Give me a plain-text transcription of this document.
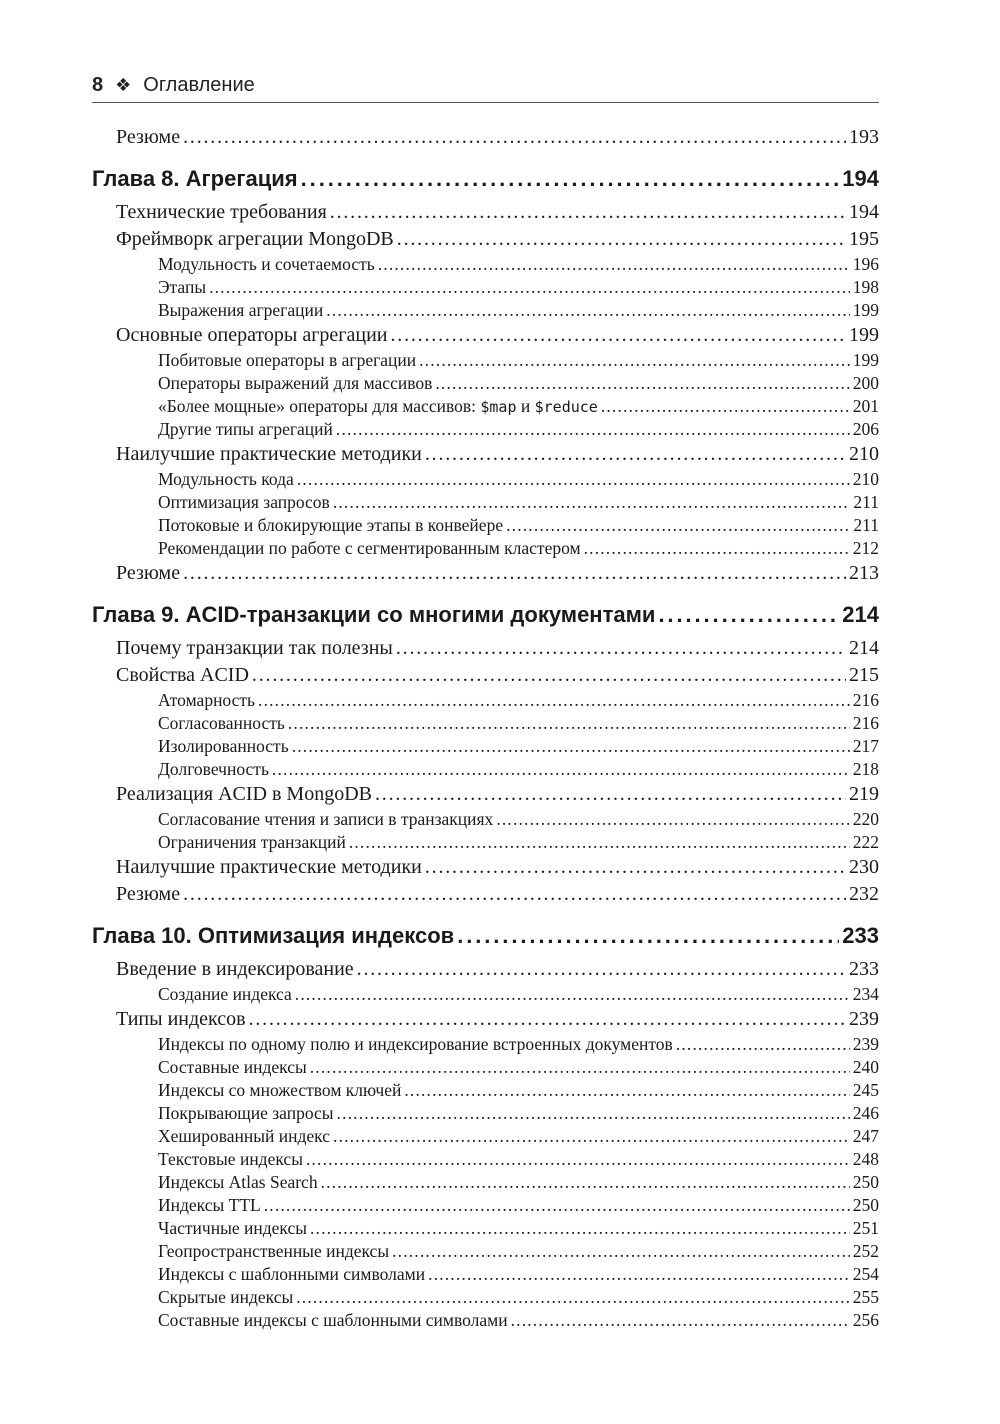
8 ❖ Оглавление
Резюме . . .	193
Глава 8. Агрегация . . .	194
Технические требования . . .	194
Фреймворк агрегации MongoDB . . .	195
Модульность и сочетаемость . . .	196
Этапы . . .	198
Выражения агрегации . . .	199
Основные операторы агрегации . . .	199
Побитовые операторы в агрегации . . .	199
Операторы выражений для массивов . . .	200
«Более мощные» операторы для массивов: $map и $reduce . . .	201
Другие типы агрегаций . . .	206
Наилучшие практические методики . . .	210
Модульность кода . . .	210
Оптимизация запросов . . .	211
Потоковые и блокирующие этапы в конвейере . . .	211
Рекомендации по работе с сегментированным кластером . . .	212
Резюме . . .	213
Глава 9. ACID-транзакции со многими документами . . .	214
Почему транзакции так полезны . . .	214
Свойства ACID . . .	215
Атомарность . . .	216
Согласованность . . .	216
Изолированность . . .	217
Долговечность . . .	218
Реализация ACID в MongoDB . . .	219
Согласование чтения и записи в транзакциях . . .	220
Ограничения транзакций . . .	222
Наилучшие практические методики . . .	230
Резюме . . .	232
Глава 10. Оптимизация индексов . . .	233
Введение в индексирование . . .	233
Создание индекса . . .	234
Типы индексов . . .	239
Индексы по одному полю и индексирование встроенных документов . . .	239
Составные индексы . . .	240
Индексы со множеством ключей . . .	245
Покрывающие запросы . . .	246
Хешированный индекс . . .	247
Текстовые индексы . . .	248
Индексы Atlas Search . . .	250
Индексы TTL . . .	250
Частичные индексы . . .	251
Геопространственные индексы . . .	252
Индексы с шаблонными символами . . .	254
Скрытые индексы . . .	255
Составные индексы с шаблонными символами . . .	256
